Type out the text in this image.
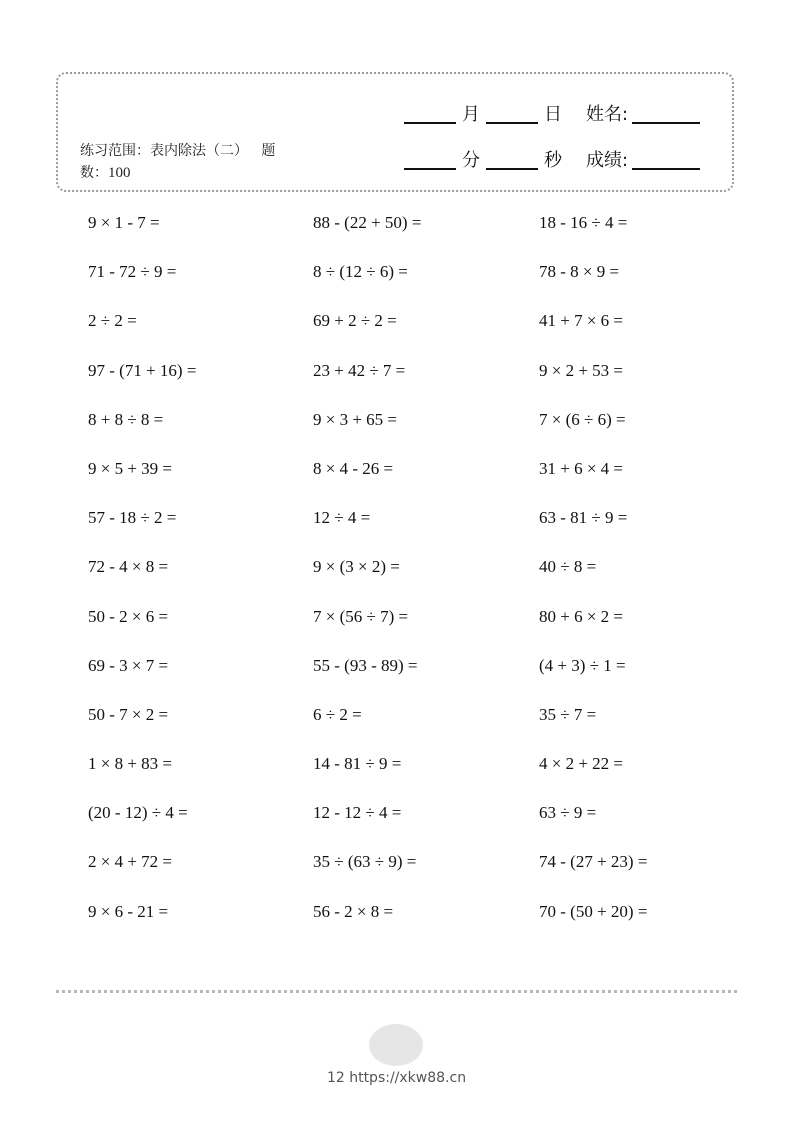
月	日 姓名:
分	秒 成绩:
练习范围：表内除法（二） 题
数：100
9 × 1 - 7 =	88 - (22 + 50) =	18 - 16 ÷ 4 =
71 - 72 ÷ 9 =	8 ÷ (12 ÷ 6) =	78 - 8 × 9 =
2 ÷ 2 =	69 + 2 ÷ 2 =	41 + 7 × 6 =
97 - (71 + 16) =	23 + 42 ÷ 7 =	9 × 2 + 53 =
8 + 8 ÷ 8 =	9 × 3 + 65 =	7 × (6 ÷ 6) =
9 × 5 + 39 =	8 × 4 - 26 =	31 + 6 × 4 =
57 - 18 ÷ 2 =	12 ÷ 4 =	63 - 81 ÷ 9 =
72 - 4 × 8 =	9 × (3 × 2) =	40 ÷ 8 =
50 - 2 × 6 =	7 × (56 ÷ 7) =	80 + 6 × 2 =
69 - 3 × 7 =	55 - (93 - 89) =	(4 + 3) ÷ 1 =
50 - 7 × 2 =	6 ÷ 2 =	35 ÷ 7 =
1 × 8 + 83 =	14 - 81 ÷ 9 =	4 × 2 + 22 =
(20 - 12) ÷ 4 =	12 - 12 ÷ 4 =	63 ÷ 9 =
2 × 4 + 72 =	35 ÷ (63 ÷ 9) =	74 - (27 + 23) =
9 × 6 - 21 =	56 - 2 × 8 =	70 - (50 + 20) =
12 https://xkw88.cn
